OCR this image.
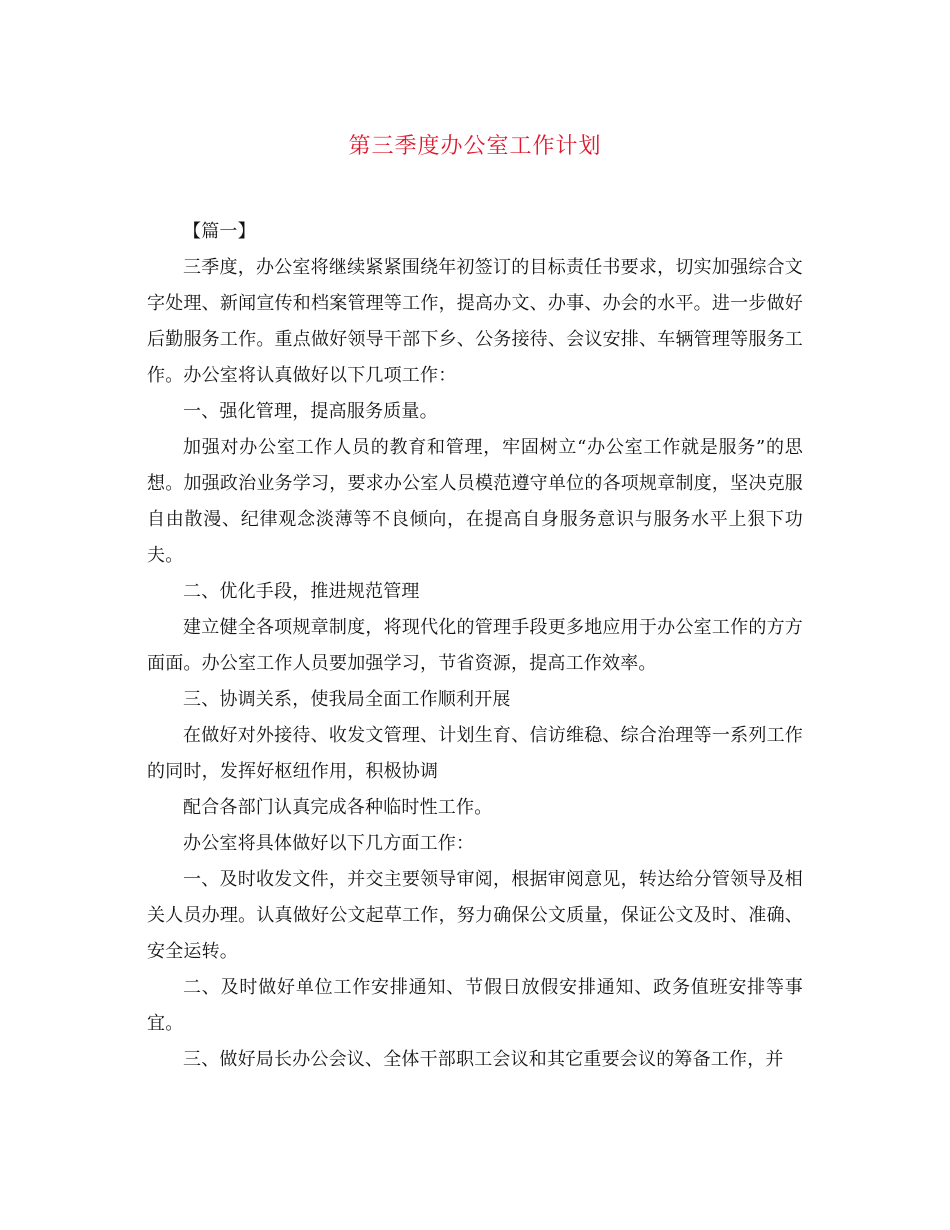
第三季度办公室工作计划

【篇一】

三季度，办公室将继续紧紧围绕年初签订的目标责任书要求，切实加强综合文字处理、新闻宣传和档案管理等工作，提高办文、办事、办会的水平。进一步做好后勤服务工作。重点做好领导干部下乡、公务接待、会议安排、车辆管理等服务工作。办公室将认真做好以下几项工作：

一、强化管理，提高服务质量。

加强对办公室工作人员的教育和管理，牢固树立“办公室工作就是服务”的思想。加强政治业务学习，要求办公室人员模范遵守单位的各项规章制度，坚决克服自由散漫、纪律观念淡薄等不良倾向，在提高自身服务意识与服务水平上狠下功夫。

二、优化手段，推进规范管理

建立健全各项规章制度，将现代化的管理手段更多地应用于办公室工作的方方面面。办公室工作人员要加强学习，节省资源，提高工作效率。

三、协调关系，使我局全面工作顺利开展

在做好对外接待、收发文管理、计划生育、信访维稳、综合治理等一系列工作的同时，发挥好枢纽作用，积极协调

配合各部门认真完成各种临时性工作。

办公室将具体做好以下几方面工作：

一、及时收发文件，并交主要领导审阅，根据审阅意见，转达给分管领导及相关人员办理。认真做好公文起草工作，努力确保公文质量，保证公文及时、准确、安全运转。

二、及时做好单位工作安排通知、节假日放假安排通知、政务值班安排等事宜。

三、做好局长办公会议、全体干部职工会议和其它重要会议的筹备工作，并
